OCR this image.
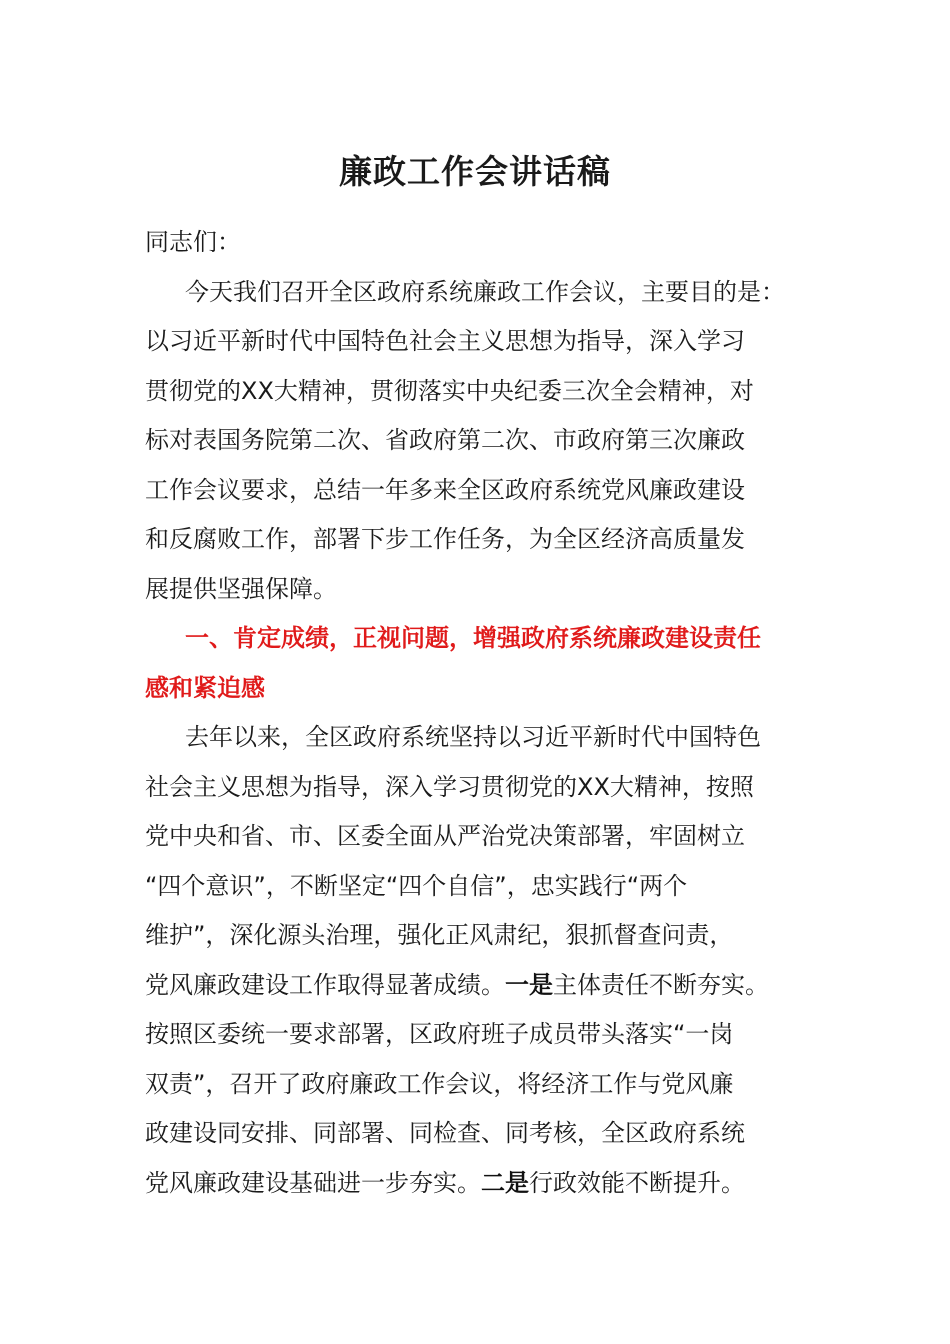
廉政工作会讲话稿
同志们：
今天我们召开全区政府系统廉政工作会议，主要目的是：
以习近平新时代中国特色社会主义思想为指导，深入学习
贯彻党的XX大精神，贯彻落实中央纪委三次全会精神，对
标对表国务院第二次、省政府第二次、市政府第三次廉政
工作会议要求，总结一年多来全区政府系统党风廉政建设
和反腐败工作，部署下步工作任务，为全区经济高质量发
展提供坚强保障。
一、肯定成绩，正视问题，增强政府系统廉政建设责任
感和紧迫感
去年以来，全区政府系统坚持以习近平新时代中国特色
社会主义思想为指导，深入学习贯彻党的XX大精神，按照
党中央和省、市、区委全面从严治党决策部署，牢固树立
“四个意识”，不断坚定“四个自信”，忠实践行“两个
维护”，深化源头治理，强化正风肃纪，狠抓督查问责，
党风廉政建设工作取得显著成绩。一是主体责任不断夯实。
按照区委统一要求部署，区政府班子成员带头落实“一岗
双责”，召开了政府廉政工作会议，将经济工作与党风廉
政建设同安排、同部署、同检查、同考核，全区政府系统
党风廉政建设基础进一步夯实。二是行政效能不断提升。
